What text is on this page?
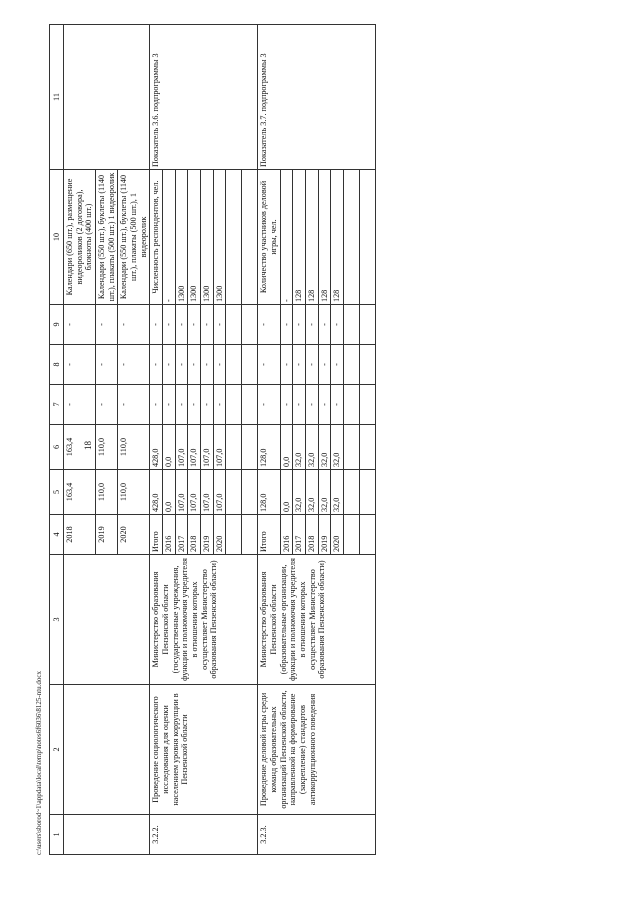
18
c:\users\sborod~1\appdata\local\temp\notes6f6036\8125-ntu.docx 1	2	3	4	5	6	7	8	9	10	11
			2018	163,4	163,4	-	-	-	Календари (650 шт.), размещение видеороликов (2 договора), блокноты (400 шт.)	
			2019	110,0	110,0	-	-	-	Календари (550 шт.), буклеты (1140 шт.), плакаты (500 шт.) 1 видеоролик	
			2020	110,0	110,0	-	-	-	Календари (550 шт.), буклеты (1140 шт.), плакаты (500 шт.), 1 видеоролик	
3.2.2.	Проведение социологического исследования для оценки населением уровня коррупции в Пензенской области	Министерство образования Пензенской области (государственные учреждения, функции и полномочия учредителя в отношении которых осуществляет Министерство образования Пензенской области)	Итого	428,0	428,0	-	-	-	Численность респондентов, чел.	Показатель 3.6. подпрограммы 3
			2016	0,0	0,0	-	-	-	-	
			2017	107,0	107,0	-	-	-	1300	
			2018	107,0	107,0	-	-	-	1300	
			2019	107,0	107,0	-	-	-	1300	
			2020	107,0	107,0	-	-	-	1300	

3.2.3.	Проведение деловой игры среди команд образовательных организаций Пензенской области, направленной на формирование (закрепление) стандартов антикоррупционного поведения	Министерство образования Пензенской области (образовательные организации, функции и полномочия учредителя в отношении которых осуществляет Министерство образования Пензенской области)	Итого	128,0	128,0	-	-	-	Количество участников деловой игры, чел.	Показатель 3.7. подпрограммы 3
			2016	0,0	0,0	-	-	-	-	
			2017	32,0	32,0	-	-	-	128	
			2018	32,0	32,0	-	-	-	128	
			2019	32,0	32,0	-	-	-	128	
			2020	32,0	32,0	-	-	-	128	
